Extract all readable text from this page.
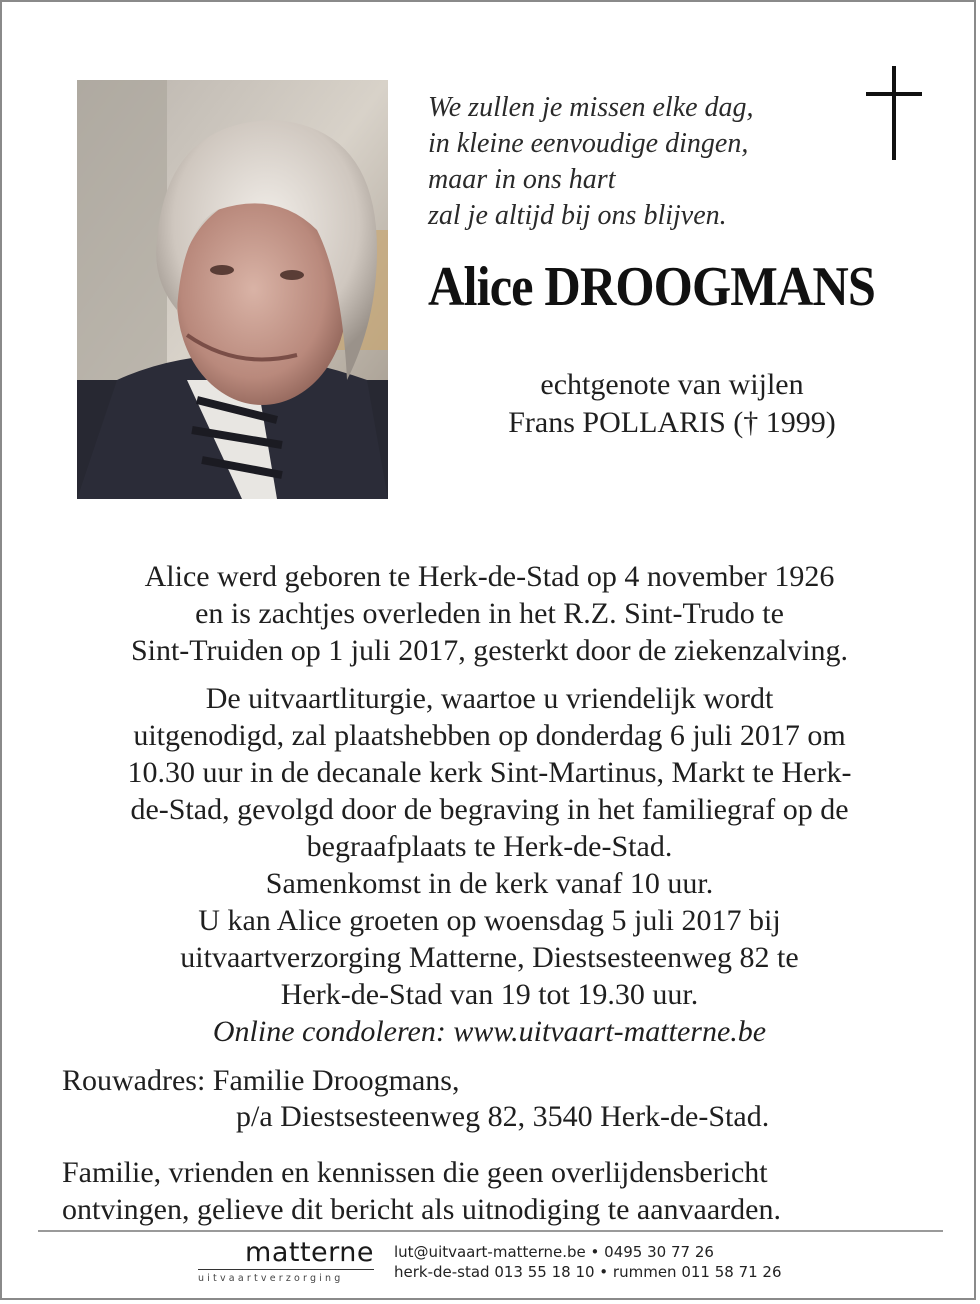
We zullen je missen elke dag,
in kleine eenvoudige dingen,
maar in ons hart
zal je altijd bij ons blijven.
Alice DROOGMANS
echtgenote van wijlen
Frans POLLARIS († 1999)
Alice werd geboren te Herk-de-Stad op 4 november 1926
en is zachtjes overleden in het R.Z. Sint-Trudo te
Sint-Truiden op 1 juli 2017, gesterkt door de ziekenzalving.
De uitvaartliturgie, waartoe u vriendelijk wordt
uitgenodigd, zal plaatshebben op donderdag 6 juli 2017 om
10.30 uur in de decanale kerk Sint-Martinus, Markt te Herk-
de-Stad, gevolgd door de begraving in het familiegraf op de
begraafplaats te Herk-de-Stad.
Samenkomst in de kerk vanaf 10 uur.
U kan Alice groeten op woensdag 5 juli 2017 bij
uitvaartverzorging Matterne, Diestsesteenweg 82 te
Herk-de-Stad van 19 tot 19.30 uur.
Online condoleren: www.uitvaart-matterne.be
Rouwadres: Familie Droogmans,
p/a Diestsesteenweg 82, 3540 Herk-de-Stad.
Familie, vrienden en kennissen die geen overlijdensbericht
ontvingen, gelieve dit bericht als uitnodiging te aanvaarden.
matterne
uitvaartverzorging
lut@uitvaart-matterne.be • 0495 30 77 26
herk-de-stad 013 55 18 10 • rummen 011 58 71 26
